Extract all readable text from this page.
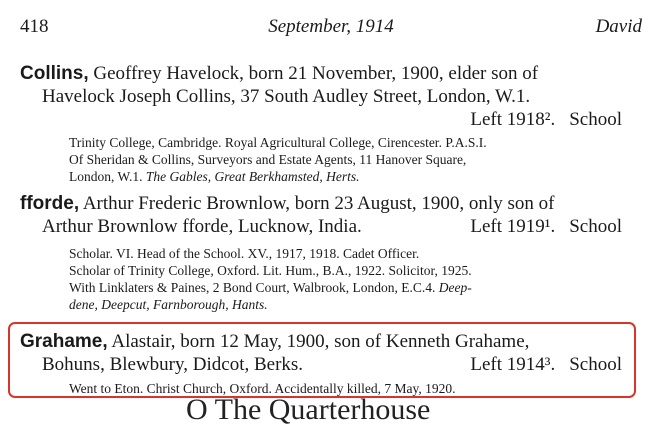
418	September, 1914	David
Collins, Geoffrey Havelock, born 21 November, 1900, elder son of
Havelock Joseph Collins, 37 South Audley Street, London, W.1.
Left 1918². School
Trinity College, Cambridge. Royal Agricultural College, Cirencester. P.A.S.I.
Of Sheridan & Collins, Surveyors and Estate Agents, 11 Hanover Square,
London, W.1. The Gables, Great Berkhamsted, Herts.
fforde, Arthur Frederic Brownlow, born 23 August, 1900, only son of
Arthur Brownlow fforde, Lucknow, India.	Left 1919¹. School
Scholar. VI. Head of the School. XV., 1917, 1918. Cadet Officer.
Scholar of Trinity College, Oxford. Lit. Hum., B.A., 1922. Solicitor, 1925.
With Linklaters & Paines, 2 Bond Court, Walbrook, London, E.C.4. Deep-
dene, Deepcut, Farnborough, Hants.
Grahame, Alastair, born 12 May, 1900, son of Kenneth Grahame,
Bohuns, Blewbury, Didcot, Berks.	Left 1914³. School
Went to Eton. Christ Church, Oxford. Accidentally killed, 7 May, 1920.
O The Quarterhouse
